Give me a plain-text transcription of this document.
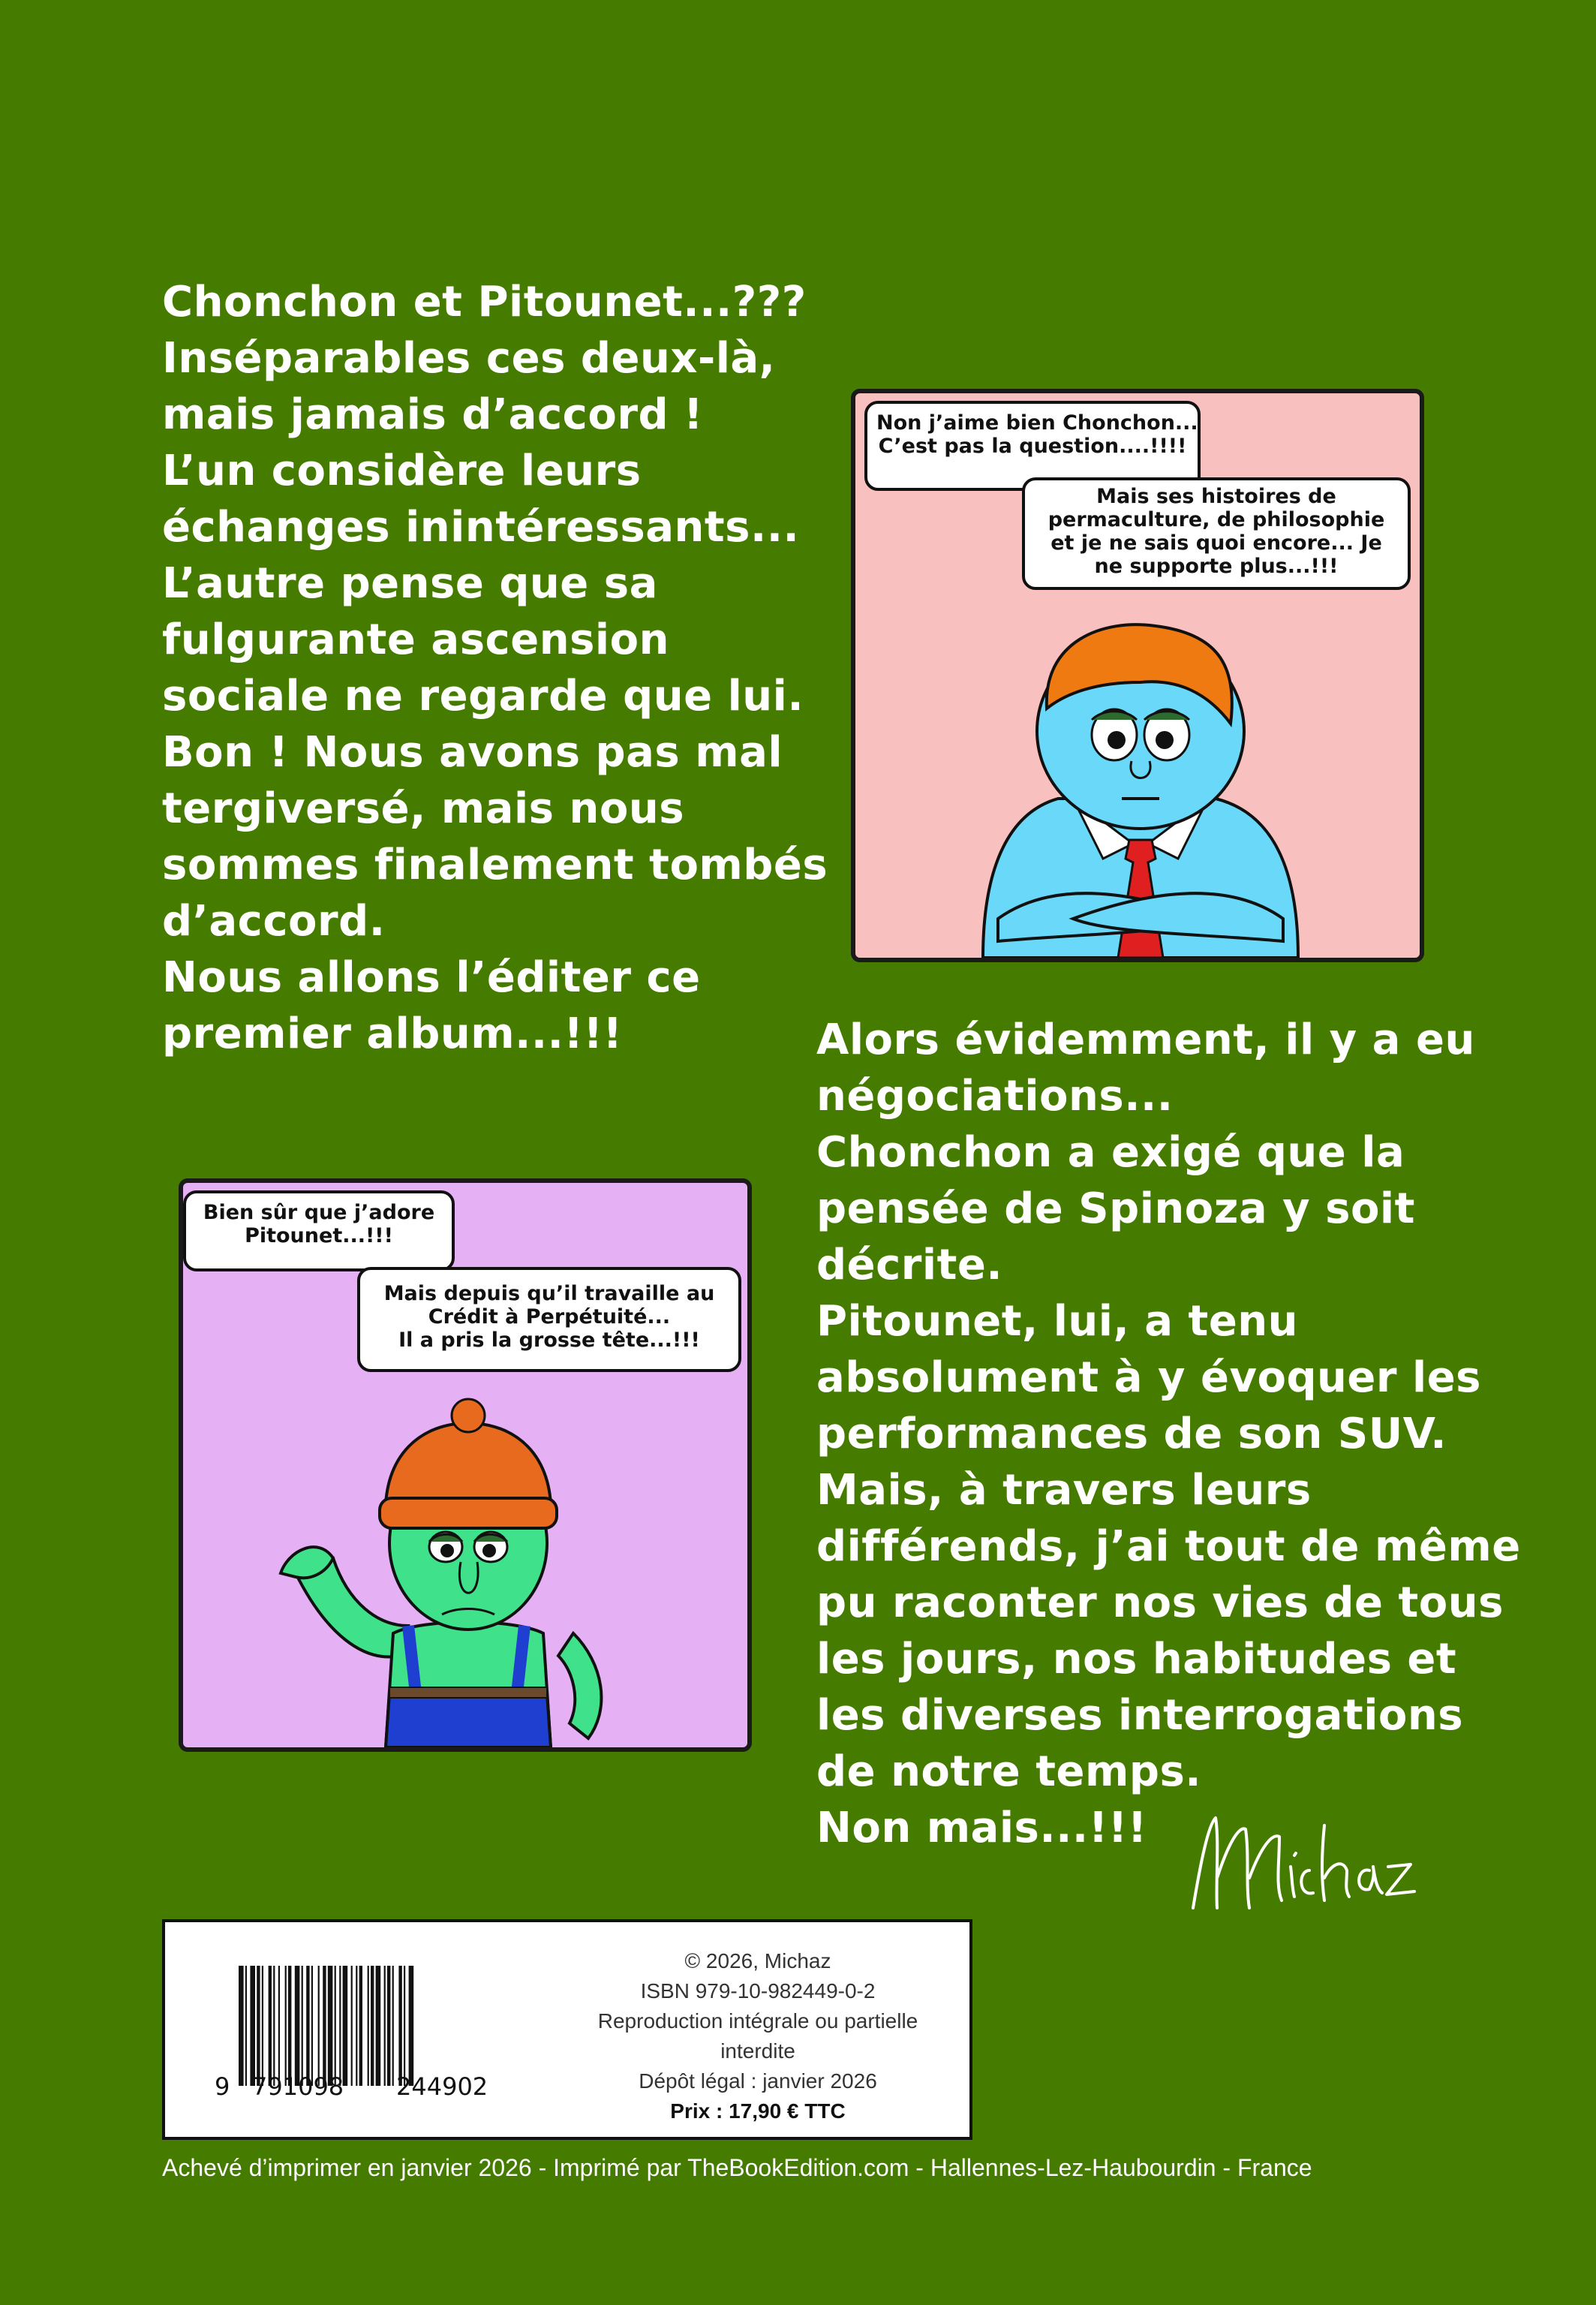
Chonchon et Pitounet...???
Inséparables ces deux-là,
mais jamais d’accord !
L’un considère leurs
échanges inintéressants...
L’autre pense que sa
fulgurante ascension
sociale ne regarde que lui.
Bon ! Nous avons pas mal
tergiversé, mais nous
sommes finalement tombés
d’accord.
Nous allons l’éditer ce
premier album...!!!
Non j’aime bien Chonchon...
C’est pas la question....!!!!
Mais ses histoires de
permaculture, de philosophie
et je ne sais quoi encore... Je
ne supporte plus...!!!
Bien sûr que j’adore
Pitounet...!!!
Mais depuis qu’il travaille au
Crédit à Perpétuité...
Il a pris la grosse tête...!!!
Alors évidemment, il y a eu
négociations...
Chonchon a exigé que la
pensée de Spinoza y soit
décrite.
Pitounet, lui, a tenu
absolument à y évoquer les
performances de son SUV.
Mais, à travers leurs
différends, j’ai tout de même
pu raconter nos vies de tous
les jours, nos habitudes et
les diverses interrogations
de notre temps.
Non mais...!!!
9 791098 244902
© 2026, Michaz
ISBN 979-10-982449-0-2
Reproduction intégrale ou partielle
interdite
Dépôt légal : janvier 2026
Prix : 17,90 € TTC
Achevé d’imprimer en janvier 2026 - Imprimé par TheBookEdition.com - Hallennes-Lez-Haubourdin - France
